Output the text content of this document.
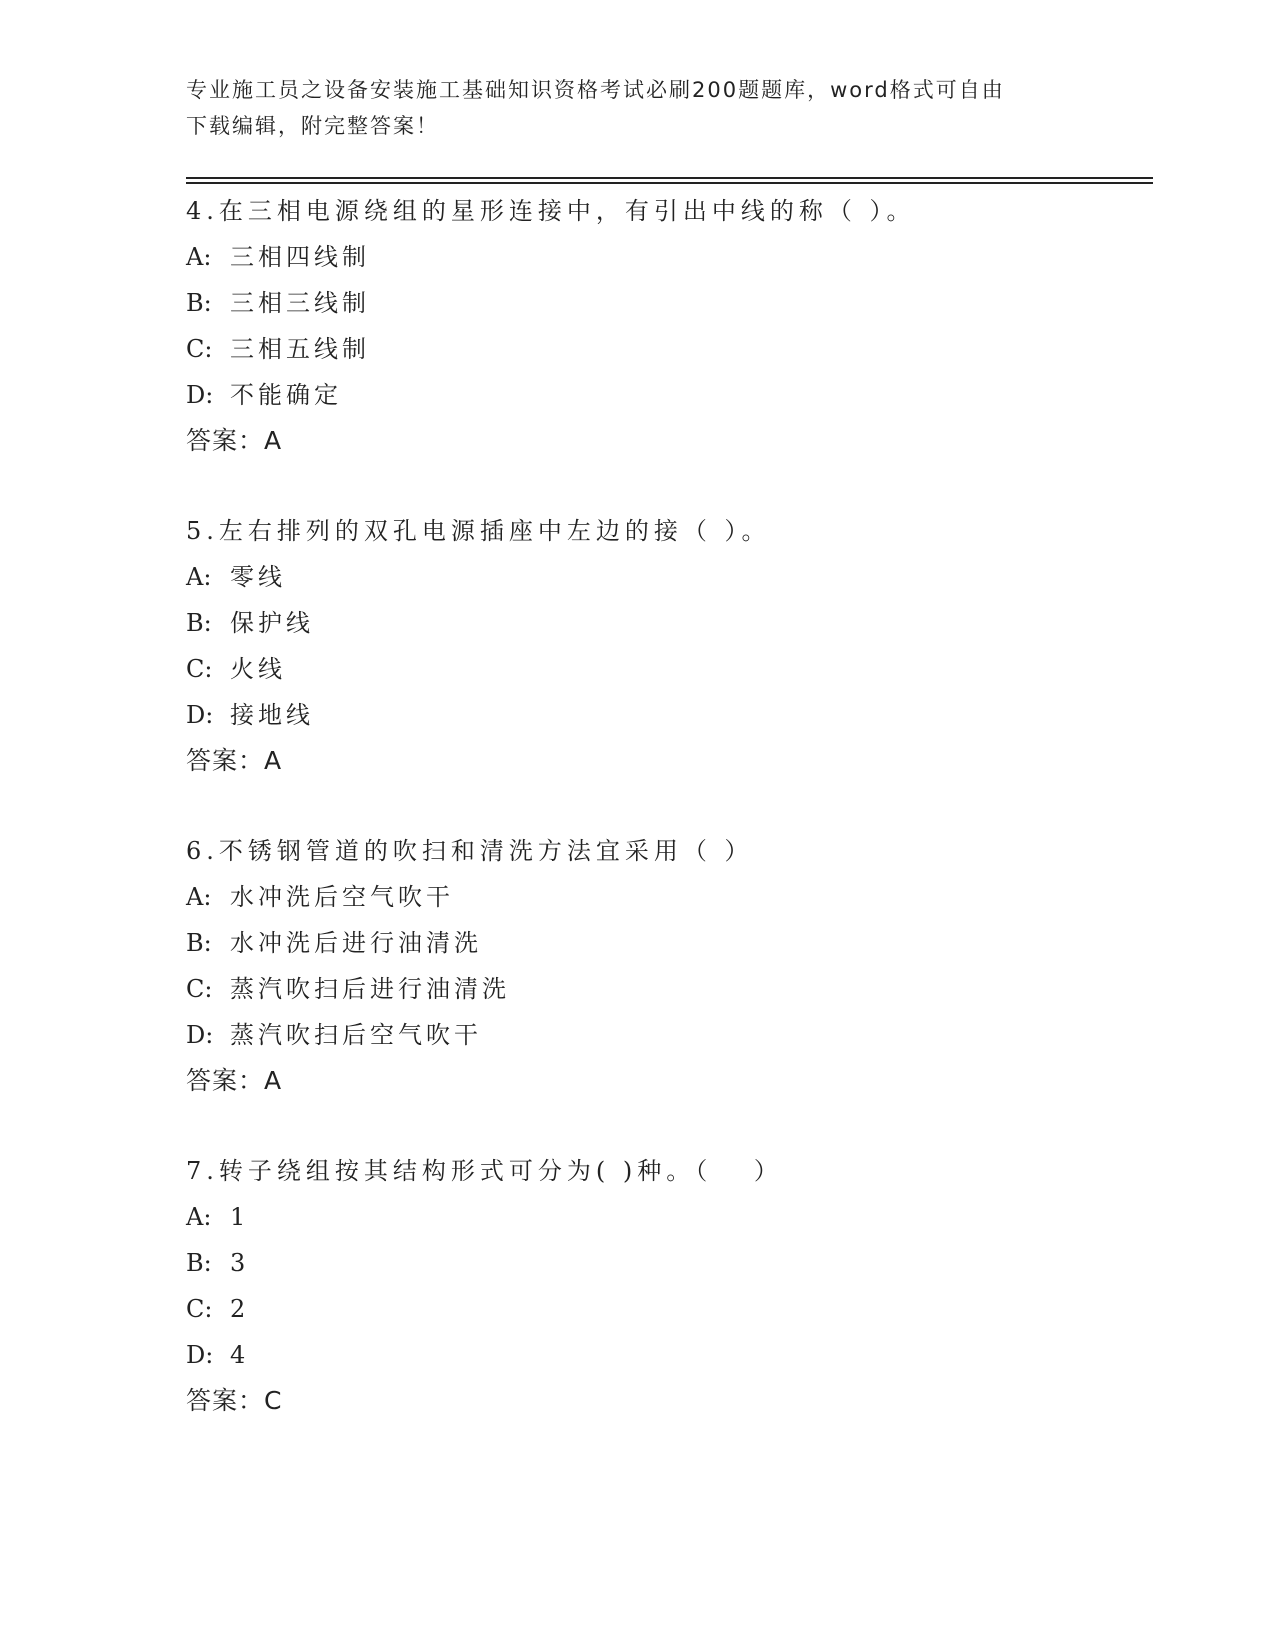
专业施工员之设备安装施工基础知识资格考试必刷200题题库，word格式可自由
下载编辑，附完整答案！
4.在三相电源绕组的星形连接中，有引出中线的称（ ）。
A: 三相四线制
B: 三相三线制
C: 三相五线制
D: 不能确定
答案：A
5.左右排列的双孔电源插座中左边的接（ ）。
A: 零线
B: 保护线
C: 火线
D: 接地线
答案：A
6.不锈钢管道的吹扫和清洗方法宜采用（ ）
A: 水冲洗后空气吹干
B: 水冲洗后进行油清洗
C: 蒸汽吹扫后进行油清洗
D: 蒸汽吹扫后空气吹干
答案：A
7.转子绕组按其结构形式可分为( )种。（　 ）
A: 1
B: 3
C: 2
D: 4
答案：C
